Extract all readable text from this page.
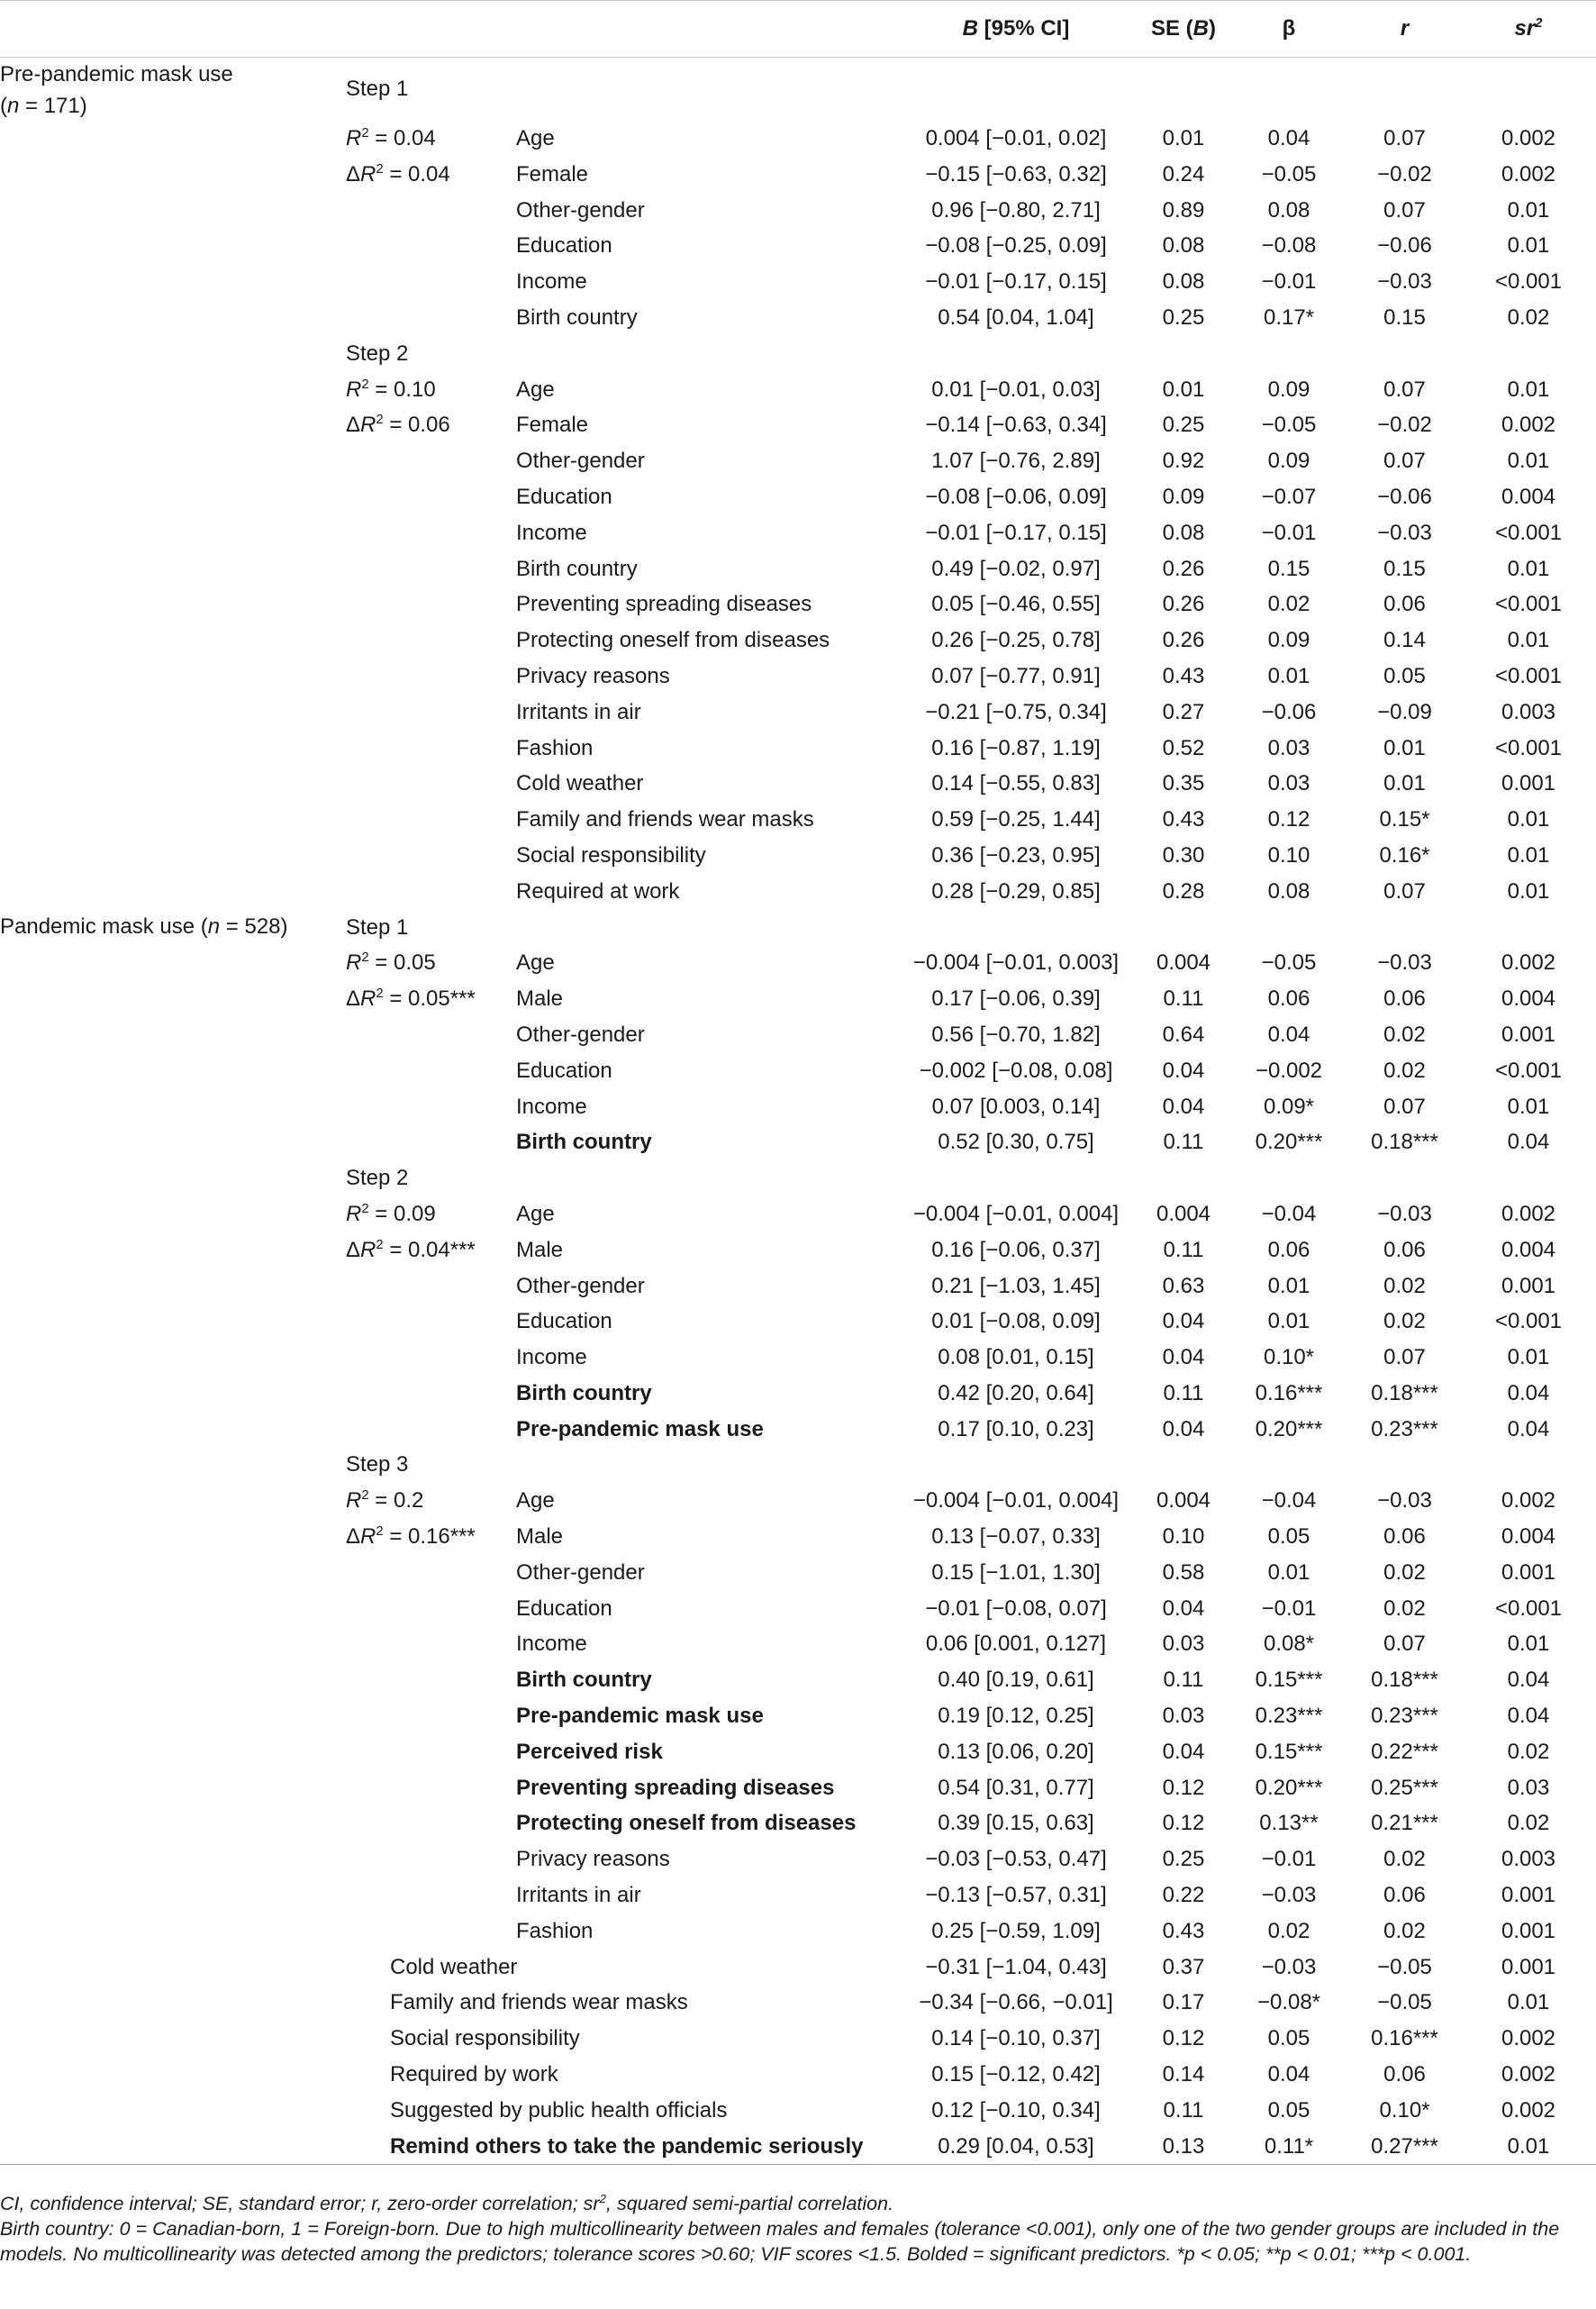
			B [95% CI]	SE (B)	β	r	$sr^2$

Pre-pandemic mask use
(n = 171)	Step 1						
	$R^2 = 0.04$	Age	0.004 [−0.01, 0.02]	0.01	0.04	0.07	0.002
	$\Delta R^2 = 0.04$	Female	−0.15 [−0.63, 0.32]	0.24	−0.05	−0.02	0.002
		Other-gender	0.96 [−0.80, 2.71]	0.89	0.08	0.07	0.01
		Education	−0.08 [−0.25, 0.09]	0.08	−0.08	−0.06	0.01
		Income	−0.01 [−0.17, 0.15]	0.08	−0.01	−0.03	<0.001
		Birth country	0.54 [0.04, 1.04]	0.25	0.17*	0.15	0.02
	Step 2						
	$R^2 = 0.10$	Age	0.01 [−0.01, 0.03]	0.01	0.09	0.07	0.01
	$\Delta R^2 = 0.06$	Female	−0.14 [−0.63, 0.34]	0.25	−0.05	−0.02	0.002
		Other-gender	1.07 [−0.76, 2.89]	0.92	0.09	0.07	0.01
		Education	−0.08 [−0.06, 0.09]	0.09	−0.07	−0.06	0.004
		Income	−0.01 [−0.17, 0.15]	0.08	−0.01	−0.03	<0.001
		Birth country	0.49 [−0.02, 0.97]	0.26	0.15	0.15	0.01
		Preventing spreading diseases	0.05 [−0.46, 0.55]	0.26	0.02	0.06	<0.001
		Protecting oneself from diseases	0.26 [−0.25, 0.78]	0.26	0.09	0.14	0.01
		Privacy reasons	0.07 [−0.77, 0.91]	0.43	0.01	0.05	<0.001
		Irritants in air	−0.21 [−0.75, 0.34]	0.27	−0.06	−0.09	0.003
		Fashion	0.16 [−0.87, 1.19]	0.52	0.03	0.01	<0.001
		Cold weather	0.14 [−0.55, 0.83]	0.35	0.03	0.01	0.001
		Family and friends wear masks	0.59 [−0.25, 1.44]	0.43	0.12	0.15*	0.01
		Social responsibility	0.36 [−0.23, 0.95]	0.30	0.10	0.16*	0.01
		Required at work	0.28 [−0.29, 0.85]	0.28	0.08	0.07	0.01

Pandemic mask use (n = 528)	Step 1						
	$R^2 = 0.05$	Age	−0.004 [−0.01, 0.003]	0.004	−0.05	−0.03	0.002
	$\Delta R^2 = 0.05***$	Male	0.17 [−0.06, 0.39]	0.11	0.06	0.06	0.004
		Other-gender	0.56 [−0.70, 1.82]	0.64	0.04	0.02	0.001
		Education	−0.002 [−0.08, 0.08]	0.04	−0.002	0.02	<0.001
		Income	0.07 [0.003, 0.14]	0.04	0.09*	0.07	0.01
		Birth country	0.52 [0.30, 0.75]	0.11	0.20***	0.18***	0.04
	Step 2						
	$R^2 = 0.09$	Age	−0.004 [−0.01, 0.004]	0.004	−0.04	−0.03	0.002
	$\Delta R^2 = 0.04***$	Male	0.16 [−0.06, 0.37]	0.11	0.06	0.06	0.004
		Other-gender	0.21 [−1.03, 1.45]	0.63	0.01	0.02	0.001
		Education	0.01 [−0.08, 0.09]	0.04	0.01	0.02	<0.001
		Income	0.08 [0.01, 0.15]	0.04	0.10*	0.07	0.01
		Birth country	0.42 [0.20, 0.64]	0.11	0.16***	0.18***	0.04
		Pre-pandemic mask use	0.17 [0.10, 0.23]	0.04	0.20***	0.23***	0.04
	Step 3						
	$R^2 = 0.2$	Age	−0.004 [−0.01, 0.004]	0.004	−0.04	−0.03	0.002
	$\Delta R^2 = 0.16***$	Male	0.13 [−0.07, 0.33]	0.10	0.05	0.06	0.004
		Other-gender	0.15 [−1.01, 1.30]	0.58	0.01	0.02	0.001
		Education	−0.01 [−0.08, 0.07]	0.04	−0.01	0.02	<0.001
		Income	0.06 [0.001, 0.127]	0.03	0.08*	0.07	0.01
		Birth country	0.40 [0.19, 0.61]	0.11	0.15***	0.18***	0.04
		Pre-pandemic mask use	0.19 [0.12, 0.25]	0.03	0.23***	0.23***	0.04
		Perceived risk	0.13 [0.06, 0.20]	0.04	0.15***	0.22***	0.02
		Preventing spreading diseases	0.54 [0.31, 0.77]	0.12	0.20***	0.25***	0.03
		Protecting oneself from diseases	0.39 [0.15, 0.63]	0.12	0.13**	0.21***	0.02
		Privacy reasons	−0.03 [−0.53, 0.47]	0.25	−0.01	0.02	0.003
		Irritants in air	−0.13 [−0.57, 0.31]	0.22	−0.03	0.06	0.001
		Fashion	0.25 [−0.59, 1.09]	0.43	0.02	0.02	0.001
		Cold weather	−0.31 [−1.04, 0.43]	0.37	−0.03	−0.05	0.001
		Family and friends wear masks	−0.34 [−0.66, −0.01]	0.17	−0.08*	−0.05	0.01
		Social responsibility	0.14 [−0.10, 0.37]	0.12	0.05	0.16***	0.002
		Required by work	0.15 [−0.12, 0.42]	0.14	0.04	0.06	0.002
		Suggested by public health officials	0.12 [−0.10, 0.34]	0.11	0.05	0.10*	0.002
		Remind others to take the pandemic seriously	0.29 [0.04, 0.53]	0.13	0.11*	0.27***	0.01

CI, confidence interval; SE, standard error; r, zero-order correlation; $sr^2$, squared semi-partial correlation.

Birth country: 0 = Canadian-born, 1 = Foreign-born. Due to high multicollinearity between males and females (tolerance <0.001), only one of the two gender groups are included in the models. No multicollinearity was detected among the predictors; tolerance scores >0.60; VIF scores <1.5. Bolded = significant predictors. *p < 0.05; **p < 0.01; ***p < 0.001.
